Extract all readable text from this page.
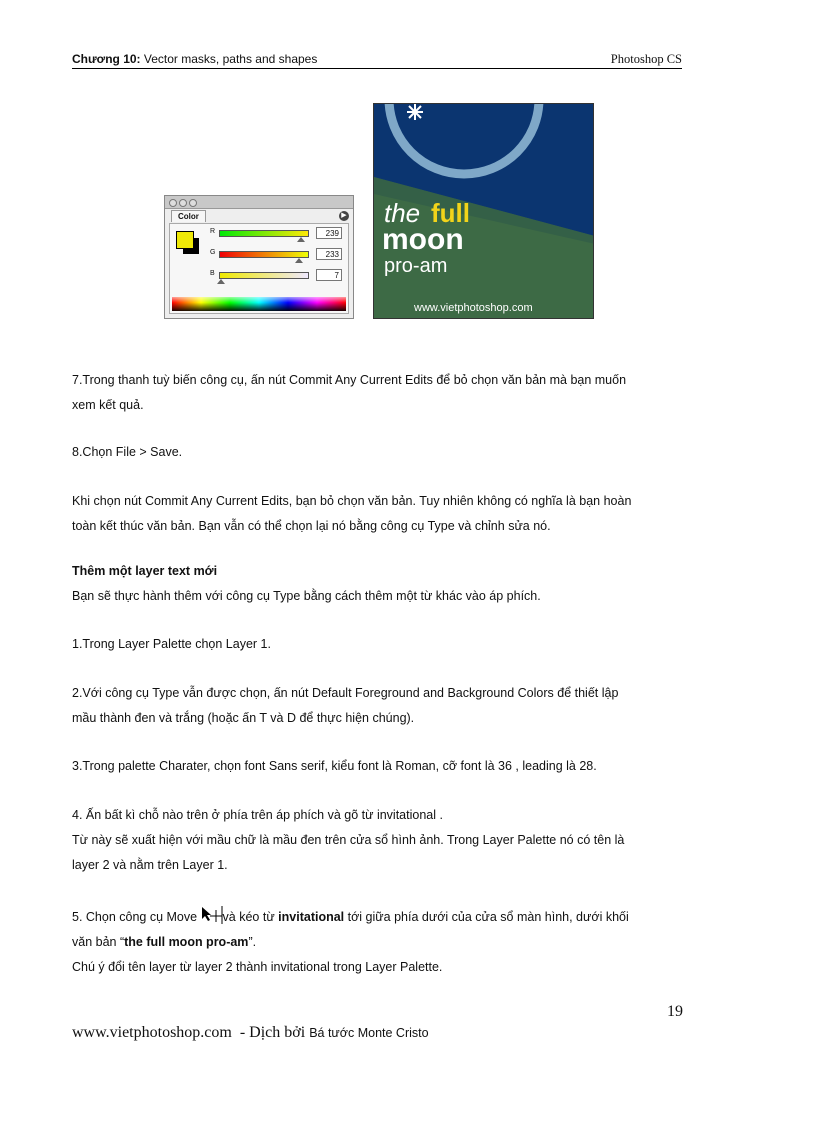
Chương 10: Vector masks, paths and shapes	Photoshop CS
Color	▶
R	239
G	233
B	7
the full
moon
pro-am
www.vietphotoshop.com

7.Trong thanh tuỳ biến công cụ, ấn nút Commit Any Current Edits để bỏ chọn văn bản mà bạn muốn

xem kết quả.

8.Chọn File > Save.

Khi chọn nút Commit Any Current Edits, bạn bỏ chọn văn bản. Tuy nhiên không có nghĩa là bạn hoàn

toàn kết thúc văn bản. Bạn vẫn có thể chọn lại nó bằng công cụ Type và chỉnh sửa nó.

Thêm một layer text mới

Bạn sẽ thực hành thêm với công cụ Type bằng cách thêm một từ khác vào áp phích.

1.Trong Layer Palette chọn Layer 1.

2.Với công cụ Type vẫn được chọn, ấn nút Default Foreground and Background Colors để thiết lập

mầu thành đen và trắng (hoặc ấn T và D để thực hiện chúng).

3.Trong palette Charater, chọn font Sans serif, kiểu font là Roman, cỡ font là 36 , leading là 28.

4. Ấn bất kì chỗ nào trên ở phía trên áp phích và gõ từ invitational .

Từ này sẽ xuất hiện với mầu chữ là mầu đen trên cửa sổ hình ảnh. Trong Layer Palette nó có tên là

layer 2 và nằm trên Layer 1.

5. Chọn công cụ Move và kéo từ invitational tới giữa phía dưới của cửa sổ màn hình, dưới khối

văn bản “the full moon pro-am”.

Chú ý đổi tên layer từ layer 2 thành invitational trong Layer Palette.

19
www.vietphotoshop.com  - Dịch bởi Bá tước Monte Cristo
